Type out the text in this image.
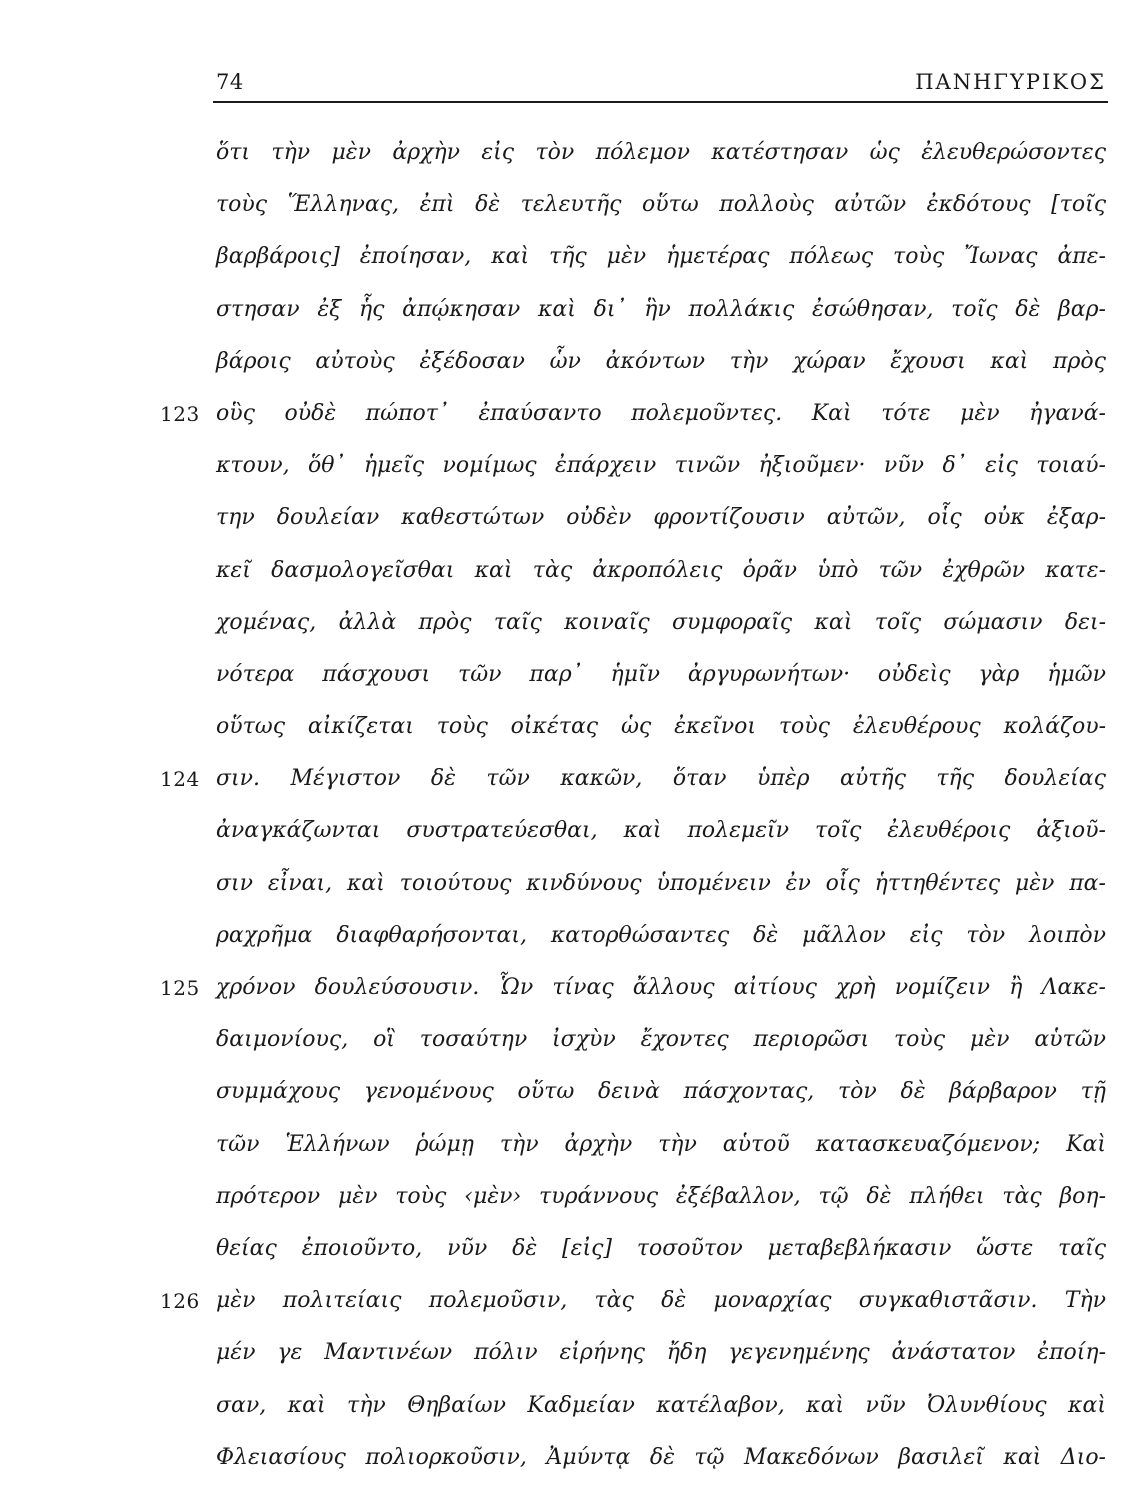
74	ΠΑΝΗΓΥΡΙΚΟΣ
ὅτι τὴν μὲν ἀρχὴν εἰς τὸν πόλεμον κατέστησαν ὡς ἐλευθερώσοντες
τοὺς Ἕλληνας, ἐπὶ δὲ τελευτῆς οὕτω πολλοὺς αὐτῶν ἐκδότους [τοῖς
βαρβάροις] ἐποίησαν, καὶ τῆς μὲν ἡμετέρας πόλεως τοὺς Ἴωνας ἀπε-
στησαν ἐξ ἧς ἀπῴκησαν καὶ δι᾿ ἣν πολλάκις ἐσώθησαν, τοῖς δὲ βαρ-
βάροις αὐτοὺς ἐξέδοσαν ὧν ἀκόντων τὴν χώραν ἔχουσι καὶ πρὸς
123 οὓς οὐδὲ πώποτ᾿ ἐπαύσαντο πολεμοῦντες. Καὶ τότε μὲν ἠγανά-
κτουν, ὅθ᾿ ἡμεῖς νομίμως ἐπάρχειν τινῶν ἠξιοῦμεν· νῦν δ᾿ εἰς τοιαύ-
την δουλείαν καθεστώτων οὐδὲν φροντίζουσιν αὐτῶν, οἷς οὐκ ἐξαρ-
κεῖ δασμολογεῖσθαι καὶ τὰς ἀκροπόλεις ὁρᾶν ὑπὸ τῶν ἐχθρῶν κατε-
χομένας, ἀλλὰ πρὸς ταῖς κοιναῖς συμφοραῖς καὶ τοῖς σώμασιν δει-
νότερα πάσχουσι τῶν παρ᾿ ἡμῖν ἀργυρωνήτων· οὐδεὶς γὰρ ἡμῶν
οὕτως αἰκίζεται τοὺς οἰκέτας ὡς ἐκεῖνοι τοὺς ἐλευθέρους κολάζου-
124 σιν. Μέγιστον δὲ τῶν κακῶν, ὅταν ὑπὲρ αὐτῆς τῆς δουλείας
ἀναγκάζωνται συστρατεύεσθαι, καὶ πολεμεῖν τοῖς ἐλευθέροις ἀξιοῦ-
σιν εἶναι, καὶ τοιούτους κινδύνους ὑπομένειν ἐν οἷς ἡττηθέντες μὲν πα-
ραχρῆμα διαφθαρήσονται, κατορθώσαντες δὲ μᾶλλον εἰς τὸν λοιπὸν
125 χρόνον δουλεύσουσιν. Ὧν τίνας ἄλλους αἰτίους χρὴ νομίζειν ἢ Λακε-
δαιμονίους, οἳ τοσαύτην ἰσχὺν ἔχοντες περιορῶσι τοὺς μὲν αὑτῶν
συμμάχους γενομένους οὕτω δεινὰ πάσχοντας, τὸν δὲ βάρβαρον τῇ
τῶν Ἑλλήνων ῥώμῃ τὴν ἀρχὴν τὴν αὑτοῦ κατασκευαζόμενον; Καὶ
πρότερον μὲν τοὺς ‹μὲν› τυράννους ἐξέβαλλον, τῷ δὲ πλήθει τὰς βοη-
θείας ἐποιοῦντο, νῦν δὲ [εἰς] τοσοῦτον μεταβεβλήκασιν ὥστε ταῖς
126 μὲν πολιτείαις πολεμοῦσιν, τὰς δὲ μοναρχίας συγκαθιστᾶσιν. Τὴν
μέν γε Μαντινέων πόλιν εἰρήνης ἤδη γεγενημένης ἀνάστατον ἐποίη-
σαν, καὶ τὴν Θηβαίων Καδμείαν κατέλαβον, καὶ νῦν Ὀλυνθίους καὶ
Φλειασίους πολιορκοῦσιν, Ἀμύντᾳ δὲ τῷ Μακεδόνων βασιλεῖ καὶ Διο-
